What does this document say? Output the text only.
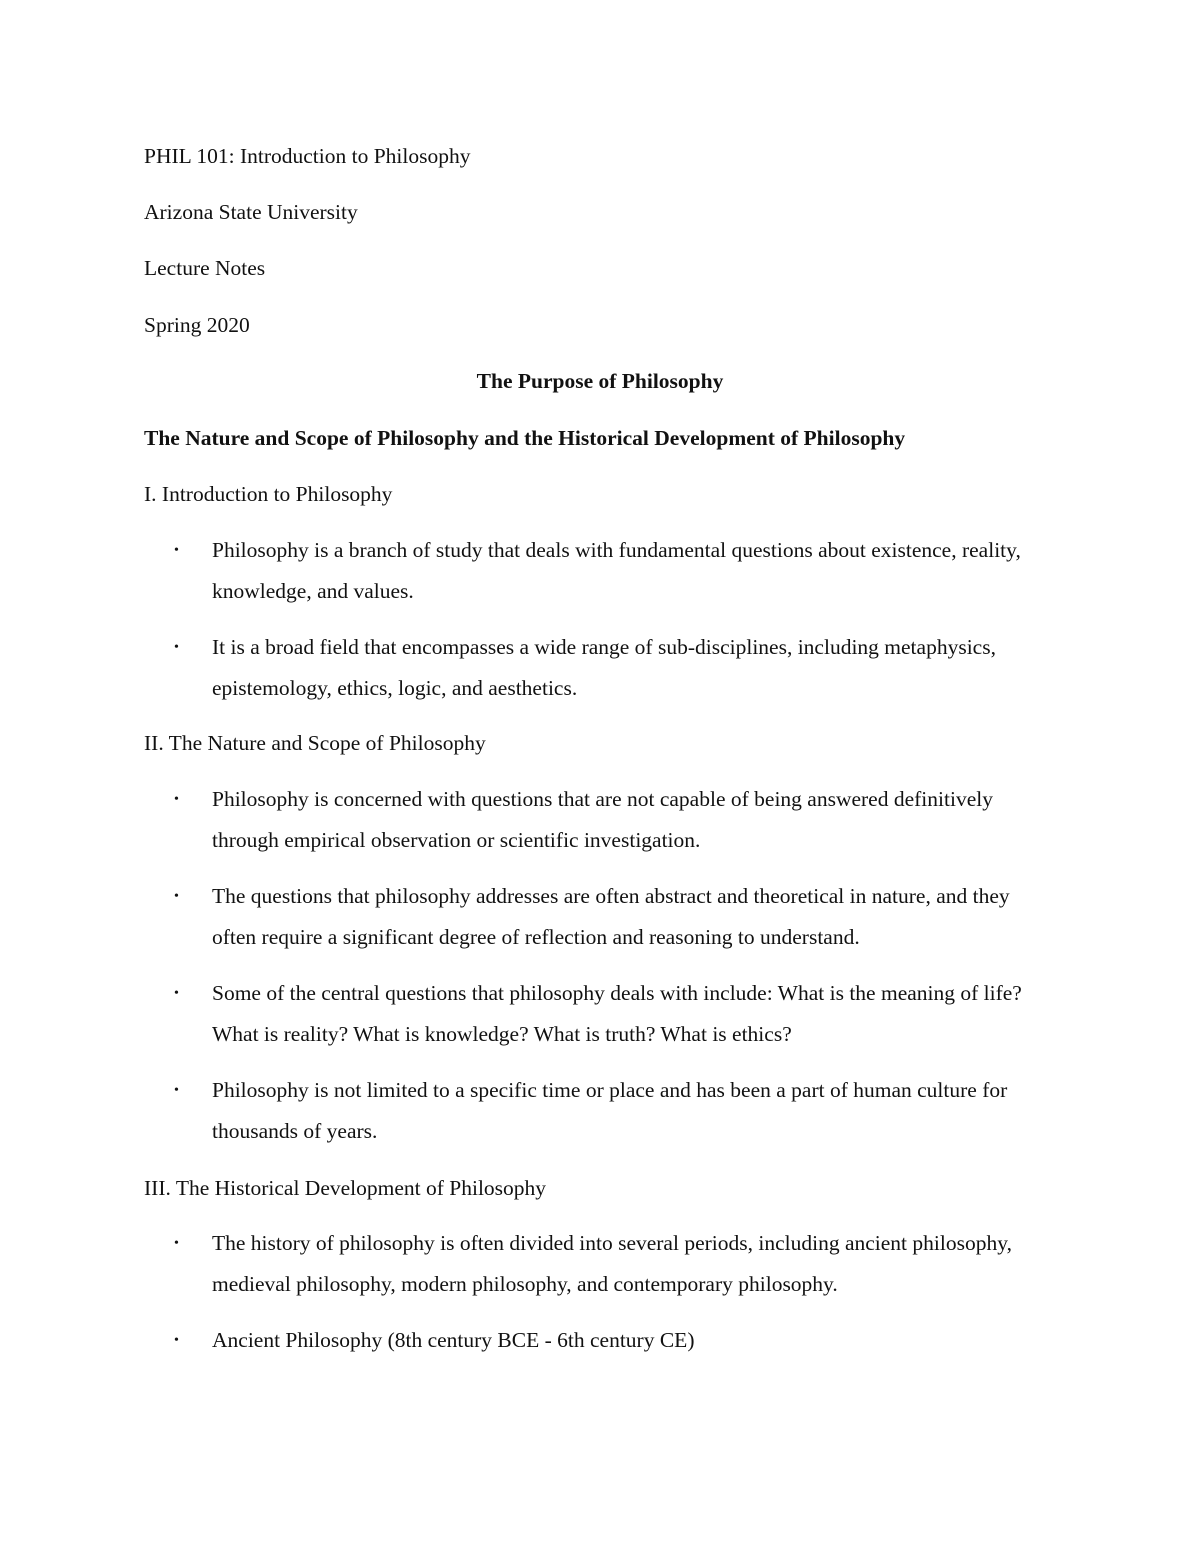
PHIL 101: Introduction to Philosophy
Arizona State University
Lecture Notes
Spring 2020
The Purpose of Philosophy
The Nature and Scope of Philosophy and the Historical Development of Philosophy
I. Introduction to Philosophy
•	Philosophy is a branch of study that deals with fundamental questions about existence, reality, knowledge, and values.
•	It is a broad field that encompasses a wide range of sub-disciplines, including metaphysics, epistemology, ethics, logic, and aesthetics.
II. The Nature and Scope of Philosophy
•	Philosophy is concerned with questions that are not capable of being answered definitively through empirical observation or scientific investigation.
•	The questions that philosophy addresses are often abstract and theoretical in nature, and they often require a significant degree of reflection and reasoning to understand.
•	Some of the central questions that philosophy deals with include: What is the meaning of life? What is reality? What is knowledge? What is truth? What is ethics?
•	Philosophy is not limited to a specific time or place and has been a part of human culture for thousands of years.
III. The Historical Development of Philosophy
•	The history of philosophy is often divided into several periods, including ancient philosophy, medieval philosophy, modern philosophy, and contemporary philosophy.
•	Ancient Philosophy (8th century BCE - 6th century CE)
